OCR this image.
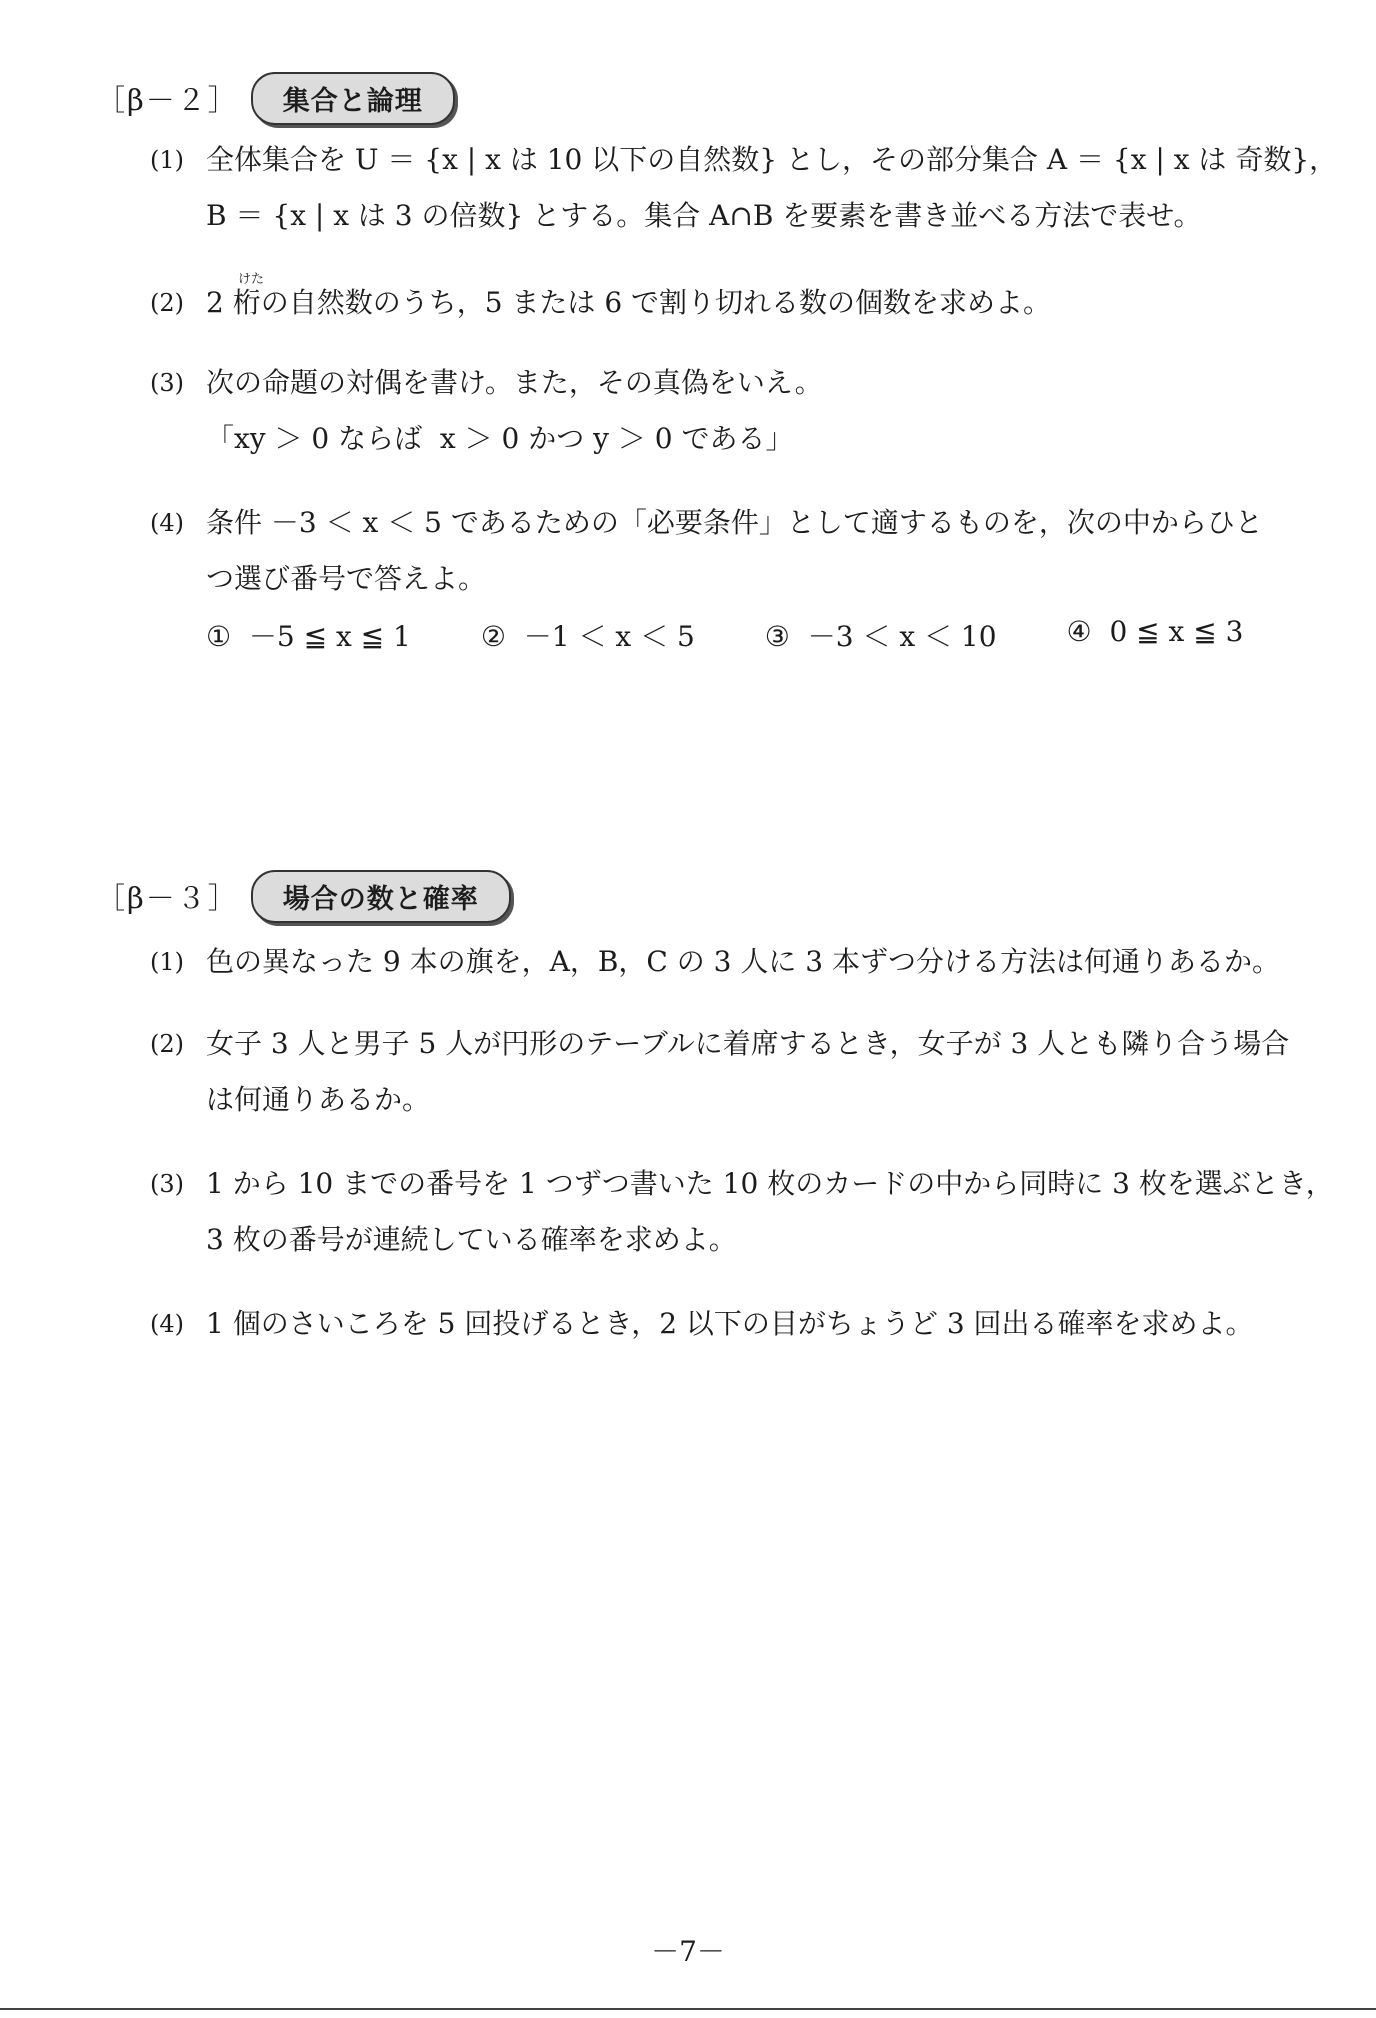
［β－２］	集合と論理
(1) 全体集合を U ＝ {x | x は 10 以下の自然数} とし，その部分集合 A ＝ {x | x は 奇数}，
B ＝ {x | x は 3 の倍数} とする。集合 A∩B を要素を書き並べる方法で表せ。
けた
(2) 2 桁の自然数のうち，5 または 6 で割り切れる数の個数を求めよ。
(3) 次の命題の対偶を書け。また，その真偽をいえ。
「xy ＞ 0 ならば  x ＞ 0 かつ y ＞ 0 である」
(4) 条件 －3 ＜ x ＜ 5 であるための「必要条件」として適するものを，次の中からひと
つ選び番号で答えよ。
①  －5 ≦ x ≦ 1	②  －1 ＜ x ＜ 5	③  －3 ＜ x ＜ 10	④  0 ≦ x ≦ 3
［β－３］	場合の数と確率
(1) 色の異なった 9 本の旗を，A，B，C の 3 人に 3 本ずつ分ける方法は何通りあるか。
(2) 女子 3 人と男子 5 人が円形のテーブルに着席するとき，女子が 3 人とも隣り合う場合
は何通りあるか。
(3) 1 から 10 までの番号を 1 つずつ書いた 10 枚のカードの中から同時に 3 枚を選ぶとき，
3 枚の番号が連続している確率を求めよ。
(4) 1 個のさいころを 5 回投げるとき，2 以下の目がちょうど 3 回出る確率を求めよ。
－7－
